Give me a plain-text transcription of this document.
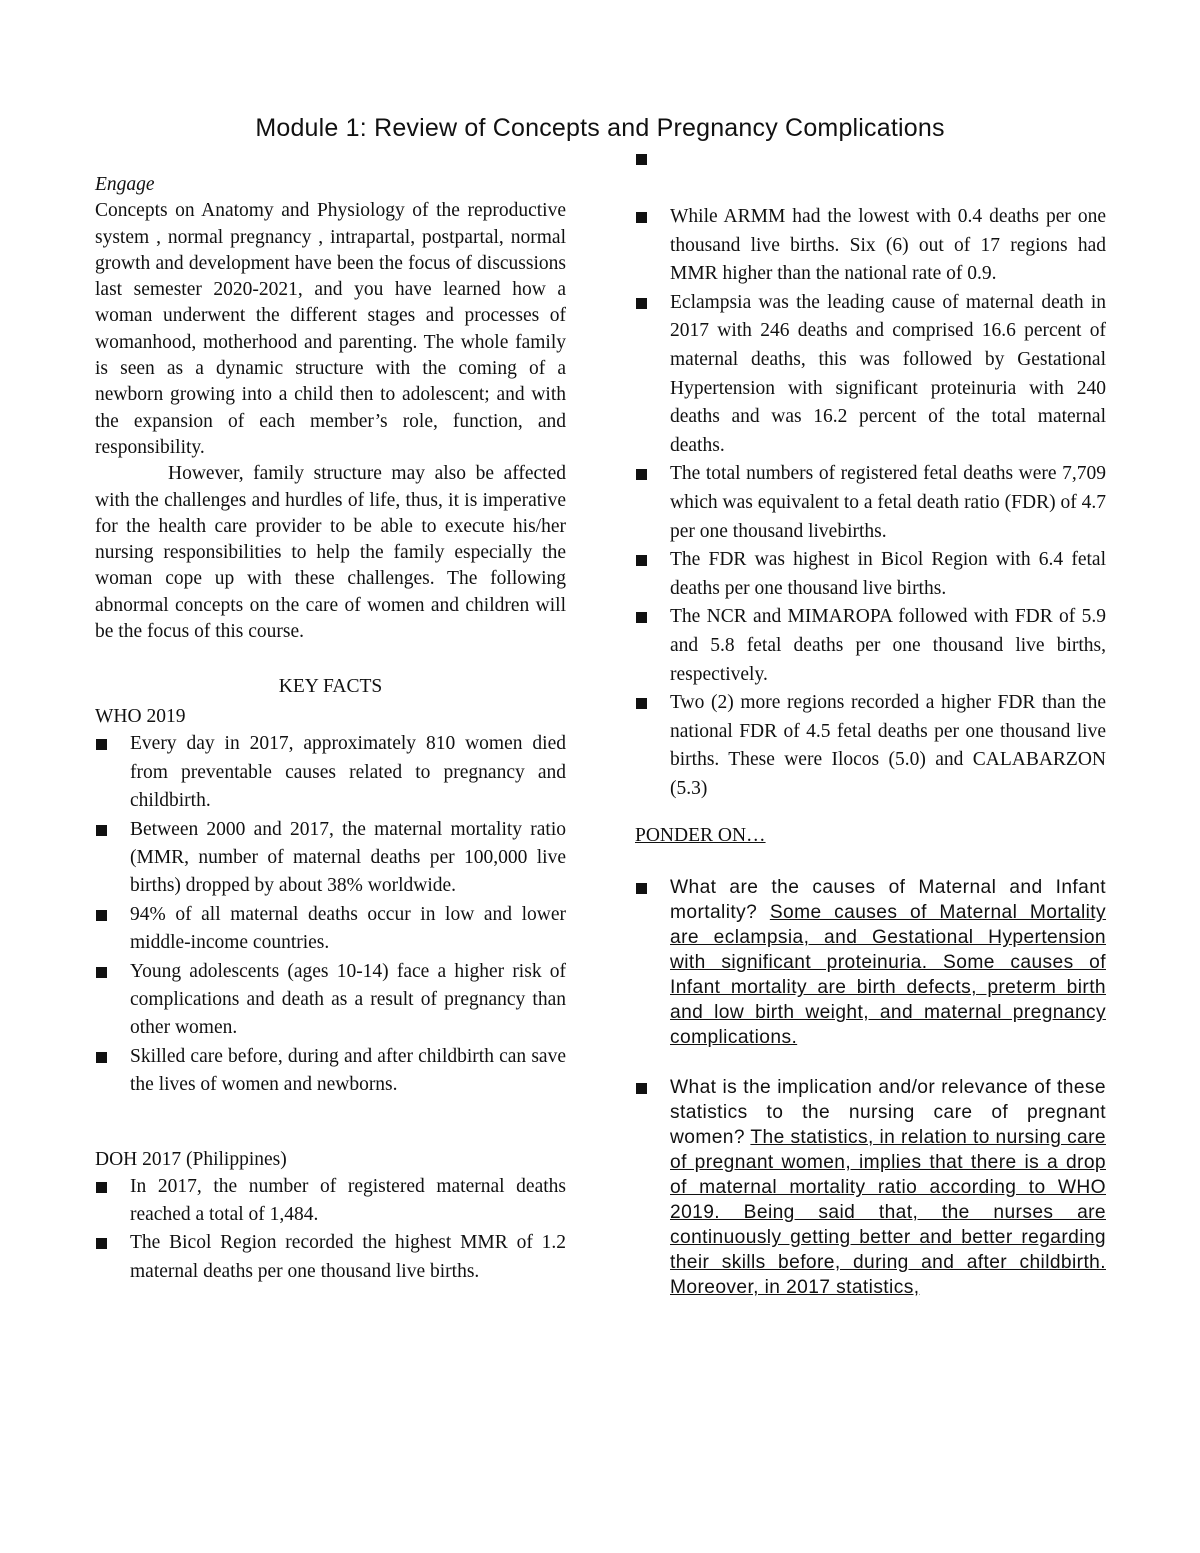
Module 1: Review of Concepts and Pregnancy Complications

Engage

Concepts on Anatomy and Physiology of the reproductive system , normal pregnancy , intrapartal, postpartal, normal growth and development have been the focus of discussions last semester 2020-2021, and you have learned how a woman underwent the different stages and processes of womanhood, motherhood and parenting. The whole family is seen as a dynamic structure with the coming of a newborn growing into a child then to adolescent; and with the expansion of each member’s role, function, and responsibility.

However, family structure may also be affected with the challenges and hurdles of life, thus, it is imperative for the health care provider to be able to execute his/her nursing responsibilities to help the family especially the woman cope up with these challenges. The following abnormal concepts on the care of women and children will be the focus of this course.

KEY FACTS

WHO 2019

Every day in 2017, approximately 810 women died from preventable causes related to pregnancy and childbirth.
Between 2000 and 2017, the maternal mortality ratio (MMR, number of maternal deaths per 100,000 live births) dropped by about 38% worldwide.
94% of all maternal deaths occur in low and lower middle-income countries.
Young adolescents (ages 10-14) face a higher risk of complications and death as a result of pregnancy than other women.
Skilled care before, during and after childbirth can save the lives of women and newborns.

DOH 2017 (Philippines)

In 2017, the number of registered maternal deaths reached a total of 1,484.
The Bicol Region recorded the highest MMR of 1.2 maternal deaths per one thousand live births.
While ARMM had the lowest with 0.4 deaths per one thousand live births. Six (6) out of 17 regions had MMR higher than the national rate of 0.9.
Eclampsia was the leading cause of maternal death in 2017 with 246 deaths and comprised 16.6 percent of maternal deaths, this was followed by Gestational Hypertension with significant proteinuria with 240 deaths and was 16.2 percent of the total maternal deaths.
The total numbers of registered fetal deaths were 7,709 which was equivalent to a fetal death ratio (FDR) of 4.7 per one thousand livebirths.
The FDR was highest in Bicol Region with 6.4 fetal deaths per one thousand live births.
The NCR and MIMAROPA followed with FDR of 5.9 and 5.8 fetal deaths per one thousand live births, respectively.
Two (2) more regions recorded a higher FDR than the national FDR of 4.5 fetal deaths per one thousand live births. These were Ilocos (5.0) and CALABARZON (5.3)

PONDER ON…

What are the causes of Maternal and Infant mortality? Some causes of Maternal Mortality are eclampsia, and Gestational Hypertension with significant proteinuria. Some causes of Infant mortality are birth defects, preterm birth and low birth weight, and maternal pregnancy complications.
What is the implication and/or relevance of these statistics to the nursing care of pregnant women? The statistics, in relation to nursing care of pregnant women, implies that there is a drop of maternal mortality ratio according to WHO 2019. Being said that, the nurses are continuously getting better and better regarding their skills before, during and after childbirth. Moreover, in 2017 statistics,
